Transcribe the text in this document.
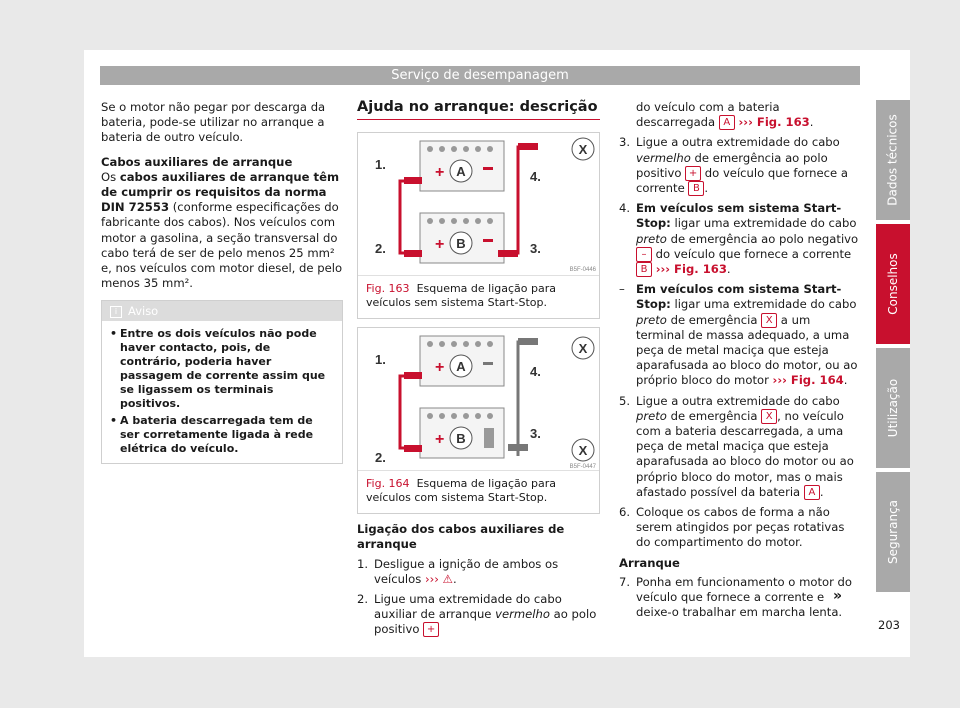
Serviço de desempanagem

Se o motor não pegar por descarga da bateria, pode-se utilizar no arranque a bateria de outro veículo.

Cabos auxiliares de arranque

Os cabos auxiliares de arranque têm de cumprir os requisitos da norma DIN 72553 (conforme especificações do fabricante dos cabos). Nos veículos com motor a gasolina, a seção transversal do cabo terá de ser de pelo menos 25 mm² e, nos veículos com motor diesel, de pelo menos 35 mm².

i Aviso
• Entre os dois veículos não pode haver contacto, pois, de contrário, poderia haver passagem de corrente assim que se ligassem os terminais positivos.
• A bateria descarregada tem de ser corretamente ligada à rede elétrica do veículo.
Ajuda no arranque: descrição
A
+
B
+
X
1.
2.	3.
4.
B5F-0446
Fig. 163 Esquema de ligação para veículos sem sistema Start-Stop.
A
+
B
+
X
X
1.
2.
3.
4.
B5F-0447
Fig. 164 Esquema de ligação para veículos com sistema Start-Stop.

Ligação dos cabos auxiliares de arranque

1. Desligue a ignição de ambos os veículos ››› ⚠.
2. Ligue uma extremidade do cabo auxiliar de arranque vermelho ao polo positivo +
do veículo com a bateria descarregada A ››› Fig. 163.
3. Ligue a outra extremidade do cabo vermelho de emergência ao polo positivo + do veículo que fornece a corrente B .
4. Em veículos sem sistema Start-Stop: ligar uma extremidade do cabo preto de emergência ao polo negativo – do veículo que fornece a corrente B ››› Fig. 163.
– Em veículos com sistema Start-Stop: ligar uma extremidade do cabo preto de emergência X a um terminal de massa adequado, a uma peça de metal maciça que esteja aparafusada ao bloco do motor, ou ao próprio bloco do motor ››› Fig. 164.
5. Ligue a outra extremidade do cabo preto de emergência X , no veículo com a bateria descarregada, a uma peça de metal maciça que esteja aparafusada ao bloco do motor ou ao próprio bloco do motor, mas o mais afastado possível da bateria A .
6. Coloque os cabos de forma a não serem atingidos por peças rotativas do compartimento do motor.

Arranque

7. Ponha em funcionamento o motor do veículo que fornece a corrente e deixe-o trabalhar em marcha lenta.
»
Dados técnicos
Conselhos
Utilização
Segurança
203
